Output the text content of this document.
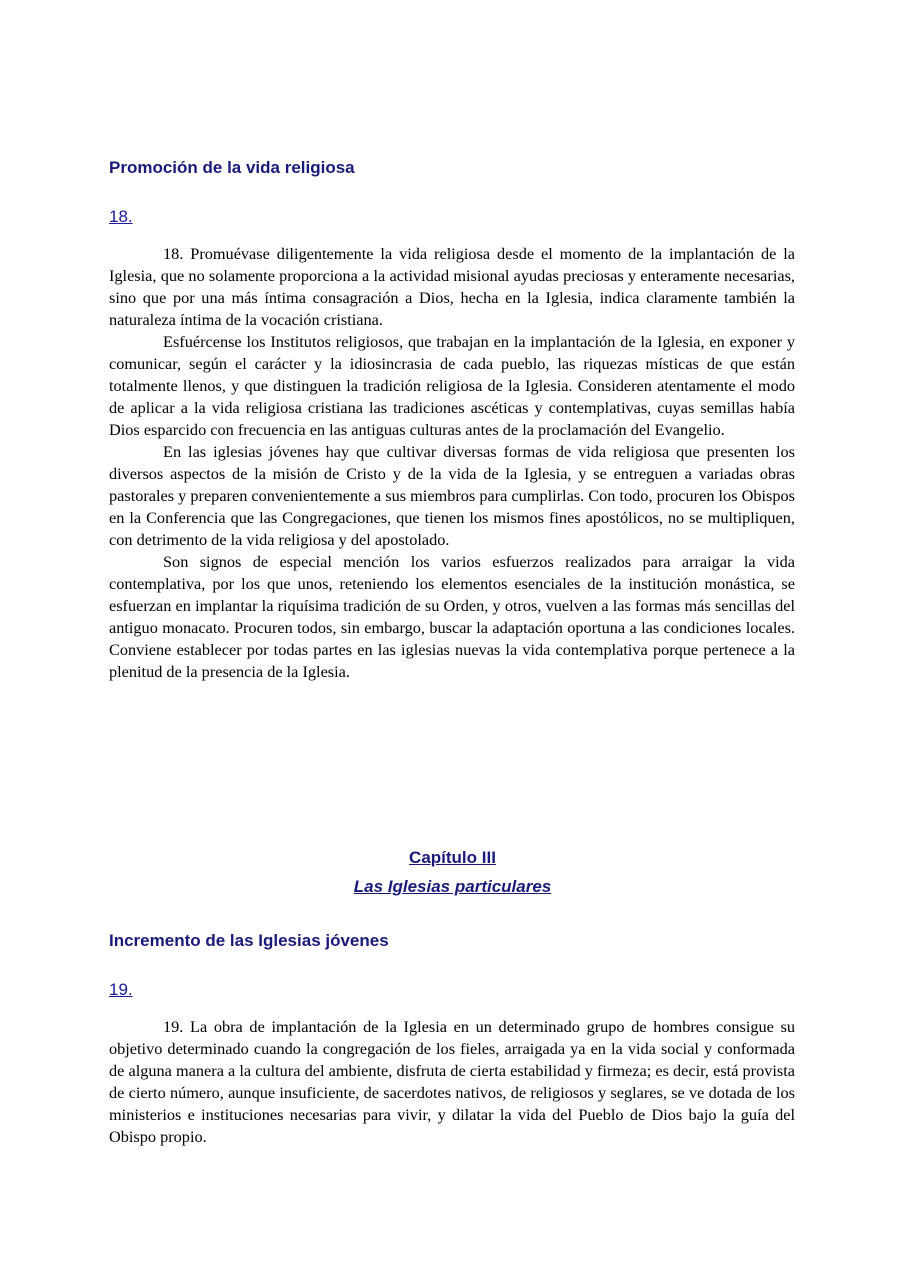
Promoción de la vida religiosa
18.

18. Promuévase diligentemente la vida religiosa desde el momento de la implantación de la Iglesia, que no solamente proporciona a la actividad misional ayudas preciosas y enteramente necesarias, sino que por una más íntima consagración a Dios, hecha en la Iglesia, indica claramente también la naturaleza íntima de la vocación cristiana.

Esfuércense los Institutos religiosos, que trabajan en la implantación de la Iglesia, en exponer y comunicar, según el carácter y la idiosincrasia de cada pueblo, las riquezas místicas de que están totalmente llenos, y que distinguen la tradición religiosa de la Iglesia. Consideren atentamente el modo de aplicar a la vida religiosa cristiana las tradiciones ascéticas y contemplativas, cuyas semillas había Dios esparcido con frecuencia en las antiguas culturas antes de la proclamación del Evangelio.

En las iglesias jóvenes hay que cultivar diversas formas de vida religiosa que presenten los diversos aspectos de la misión de Cristo y de la vida de la Iglesia, y se entreguen a variadas obras pastorales y preparen convenientemente a sus miembros para cumplirlas. Con todo, procuren los Obispos en la Conferencia que las Congregaciones, que tienen los mismos fines apostólicos, no se multipliquen, con detrimento de la vida religiosa y del apostolado.

Son signos de especial mención los varios esfuerzos realizados para arraigar la vida contemplativa, por los que unos, reteniendo los elementos esenciales de la institución monástica, se esfuerzan en implantar la riquísima tradición de su Orden, y otros, vuelven a las formas más sencillas del antiguo monacato. Procuren todos, sin embargo, buscar la adaptación oportuna a las condiciones locales. Conviene establecer por todas partes en las iglesias nuevas la vida contemplativa porque pertenece a la plenitud de la presencia de la Iglesia.

Capítulo III
Las Iglesias particulares
Incremento de las Iglesias jóvenes
19.

19. La obra de implantación de la Iglesia en un determinado grupo de hombres consigue su objetivo determinado cuando la congregación de los fieles, arraigada ya en la vida social y conformada de alguna manera a la cultura del ambiente, disfruta de cierta estabilidad y firmeza; es decir, está provista de cierto número, aunque insuficiente, de sacerdotes nativos, de religiosos y seglares, se ve dotada de los ministerios e instituciones necesarias para vivir, y dilatar la vida del Pueblo de Dios bajo la guía del Obispo propio.
